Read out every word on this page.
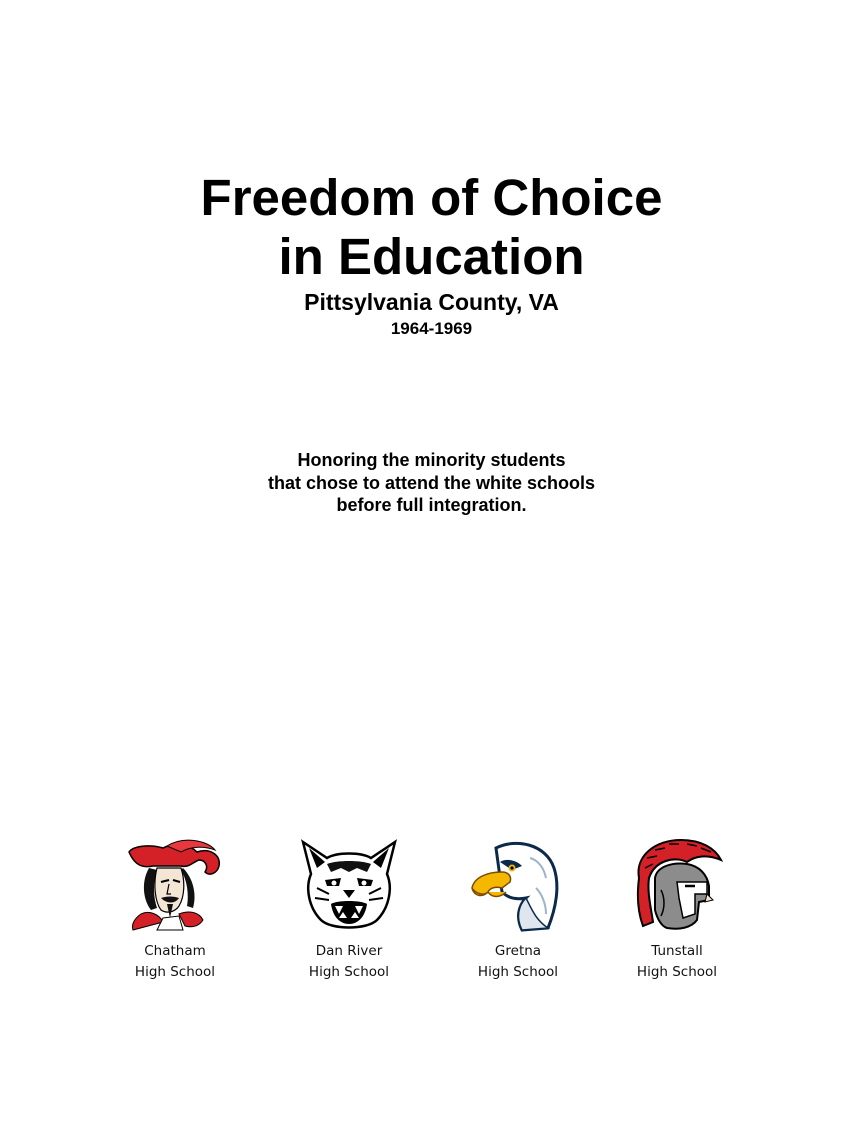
Freedom of Choice
in Education
Pittsylvania County, VA
1964-1969
Honoring the minority students
that chose to attend the white schools
before full integration.
Chatham
High School
Dan River
High School
Gretna
High School
Tunstall
High School
